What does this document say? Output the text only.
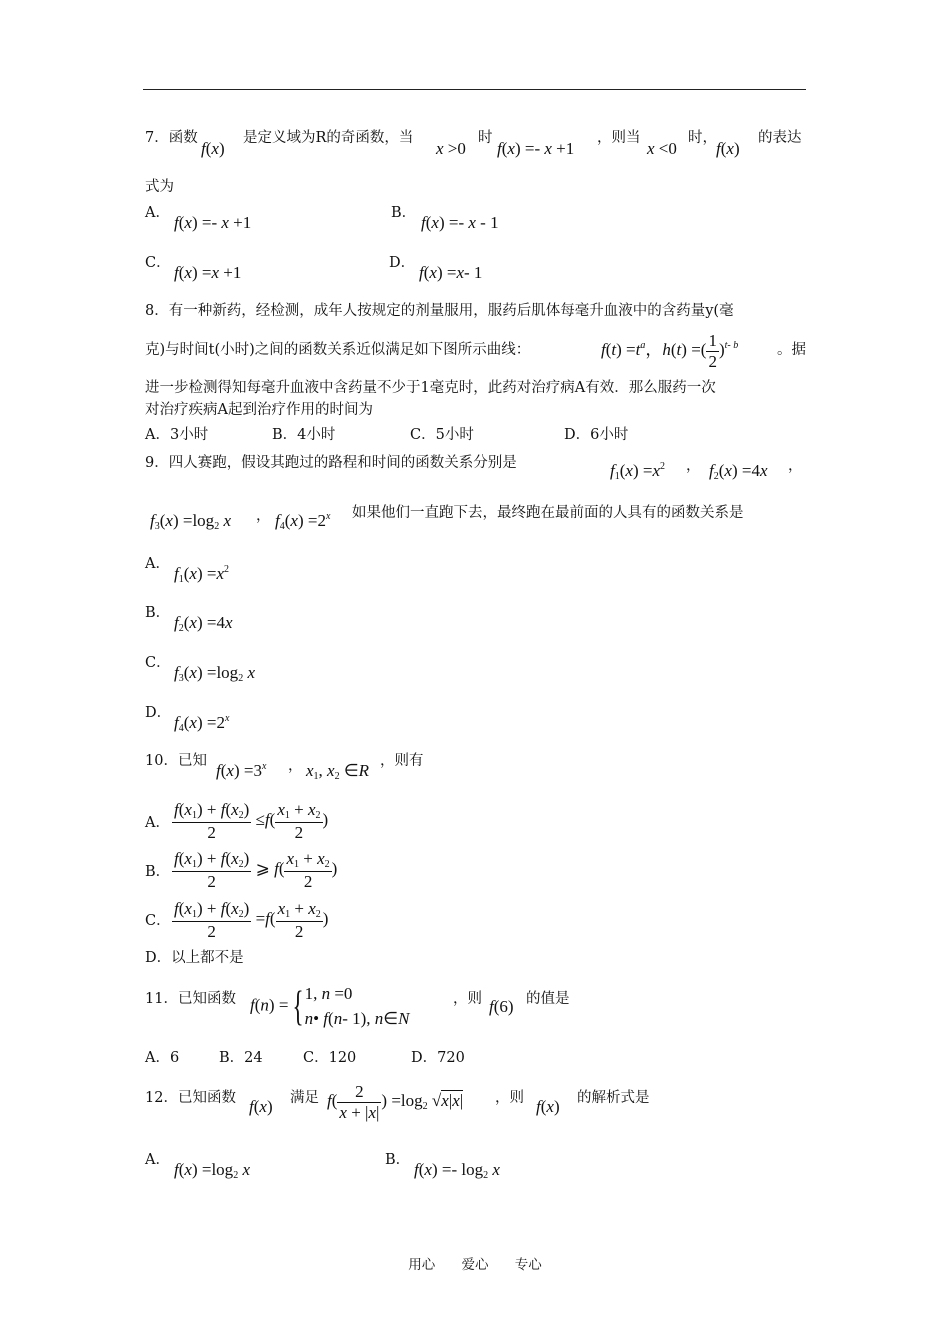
7．函数
f(x)
是定义域为R的奇函数，当
x >0
时
f(x) =- x +1
，则当
x <0
时，
f(x)
的表达
式为
A． f(x) =- x +1	B． f(x) =- x - 1
C． f(x) =x +1	D． f(x) =x- 1
8．有一种新药，经检测，成年人按规定的剂量服用，服药后肌体每毫升血液中的含药量y(毫
克)与时间t(小时)之间的函数关系近似满足如下图所示曲线：	$f(t) =t^a$，h(t) =( $\frac{1}{2} )^{t- b}$	。据
进一步检测得知每毫升血液中含药量不少于1毫克时，此药对治疗病A有效．那么服药一次
对治疗疾病A起到治疗作用的时间为
A．3小时	B．4小时	C．5小时	D．6小时
9．四人赛跑，假设其跑过的路程和时间的函数关系分别是	$f_1(x) =x^2$ ， $f_2(x) =4x$ ，
$f_3(x) =\log_2$ x ， $f_4(x) =2^x$ 如果他们一直跑下去，最终跑在最前面的人具有的函数关系是
A． $f_1(x) =x^2$
B． $f_2(x) =4x$
C． $f_3(x) =\log_2$ x
D． $f_4(x) =2^x$
10．已知 $f(x) =3^x$ ， $x_1$, $x_2$ ∈R ，则有
A． $\frac{f(x_1) + f(x_2)}{2} \le f( \frac{x_1 + x_2}{2}$ )
B． $\frac{f(x_1) + f(x_2)}{2}$ ⩾ $f( \frac{x_1 + x_2}{2}$ )
C． $\frac{f(x_1) + f(x_2)}{2} =f( \frac{x_1 + x_2}{2}$ )
D．以上都不是
11．已知函数 f(n) = {1, n =0
n• f(n- 1), n∈N
，则 f(6) 的值是
A．6	B．24	C．120	D．720
12．已知函数 f(x) 满足 $f( \frac{2}{x + |x|}$ ) $=\log_2$ √x|x| ，则 f(x) 的解析式是
A． $f(x) =\log_2$ x	B． $f(x) =- \log_2 x$
用心 爱心 专心
